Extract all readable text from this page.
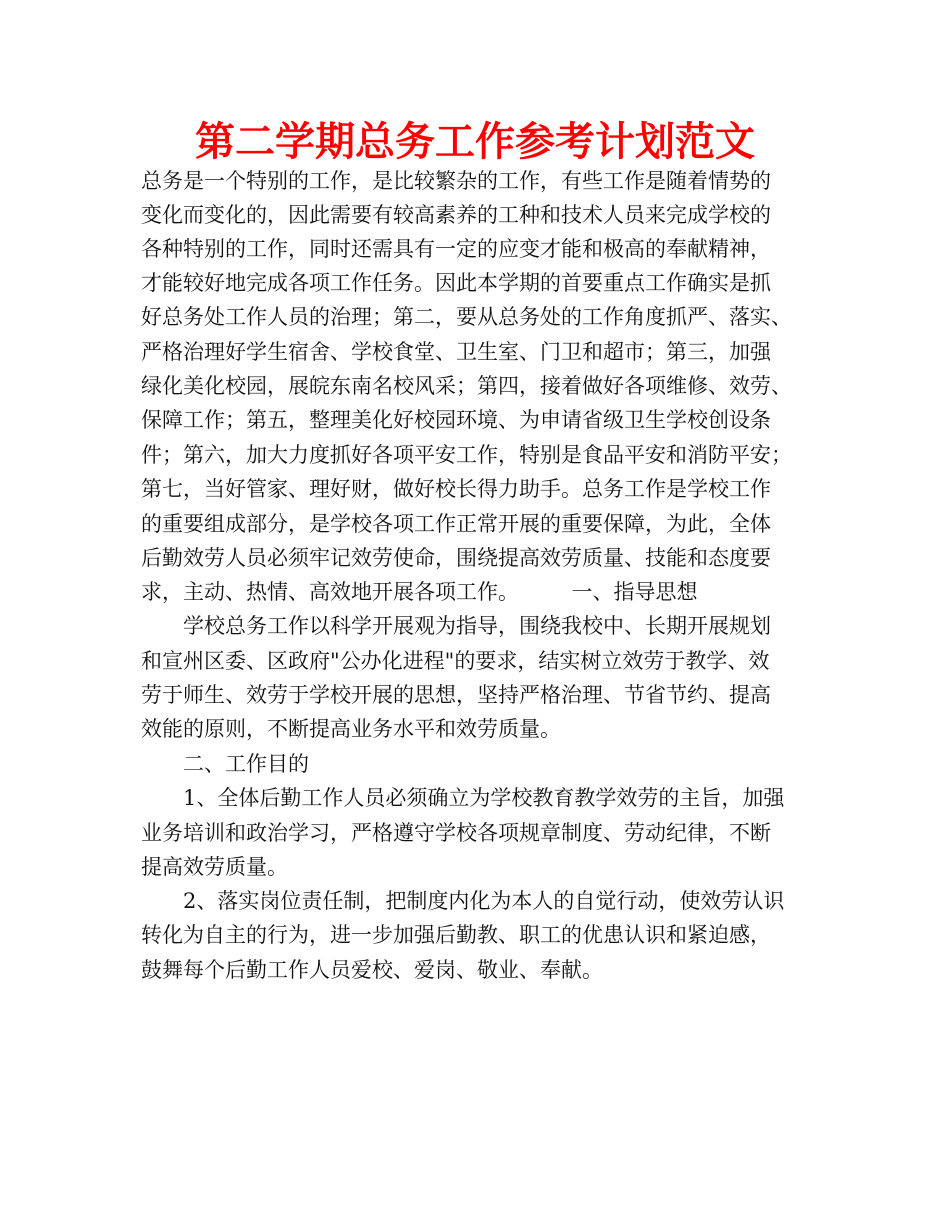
第二学期总务工作参考计划范文
总务是一个特别的工作，是比较繁杂的工作，有些工作是随着情势的
变化而变化的，因此需要有较高素养的工种和技术人员来完成学校的
各种特别的工作，同时还需具有一定的应变才能和极高的奉献精神，
才能较好地完成各项工作任务。因此本学期的首要重点工作确实是抓
好总务处工作人员的治理；第二，要从总务处的工作角度抓严、落实、
严格治理好学生宿舍、学校食堂、卫生室、门卫和超市；第三，加强
绿化美化校园，展皖东南名校风采；第四，接着做好各项维修、效劳、
保障工作；第五，整理美化好校园环境、为申请省级卫生学校创设条
件；第六，加大力度抓好各项平安工作，特别是食品平安和消防平安；
第七，当好管家、理好财，做好校长得力助手。总务工作是学校工作
的重要组成部分，是学校各项工作正常开展的重要保障，为此，全体
后勤效劳人员必须牢记效劳使命，围绕提高效劳质量、技能和态度要
求，主动、热情、高效地开展各项工作。　　　一、指导思想
　　学校总务工作以科学开展观为指导，围绕我校中、长期开展规划
和宣州区委、区政府"公办化进程"的要求，结实树立效劳于教学、效
劳于师生、效劳于学校开展的思想，坚持严格治理、节省节约、提高
效能的原则，不断提高业务水平和效劳质量。
　　二、工作目的
　　1、全体后勤工作人员必须确立为学校教育教学效劳的主旨，加强
业务培训和政治学习，严格遵守学校各项规章制度、劳动纪律，不断
提高效劳质量。
　　2、落实岗位责任制，把制度内化为本人的自觉行动，使效劳认识
转化为自主的行为，进一步加强后勤教、职工的优患认识和紧迫感，
鼓舞每个后勤工作人员爱校、爱岗、敬业、奉献。
